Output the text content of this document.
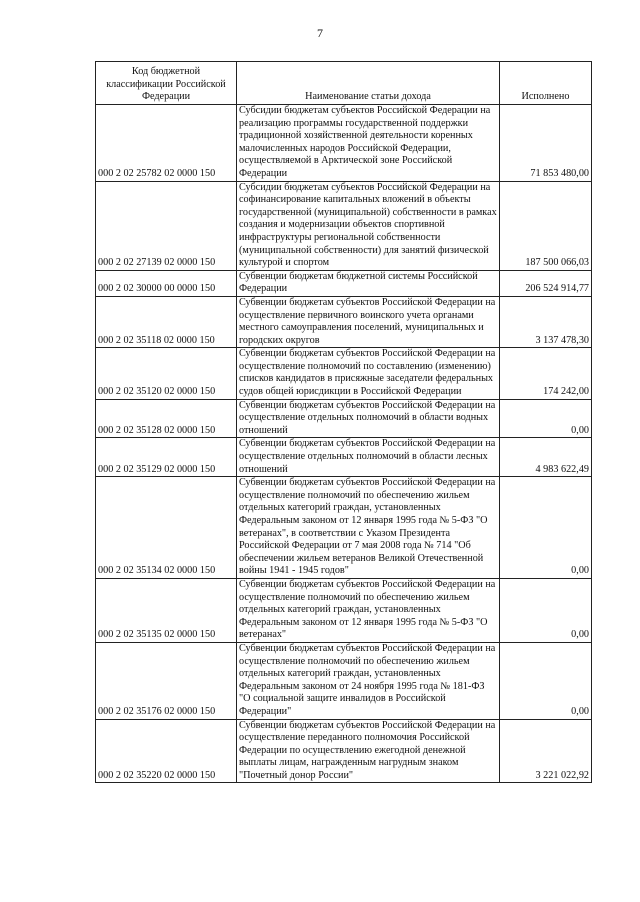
7
Код бюджетной классификации Российской Федерации	Наименование статьи дохода	Исполнено
000 2 02 25782 02 0000 150	Субсидии бюджетам субъектов Российской Федерации на реализацию программы государственной поддержки традиционной хозяйственной деятельности коренных малочисленных народов Российской Федерации, осуществляемой в Арктической зоне Российской Федерации	71 853 480,00
000 2 02 27139 02 0000 150	Субсидии бюджетам субъектов Российской Федерации на софинансирование капитальных вложений в объекты государственной (муниципальной) собственности в рамках создания и модернизации объектов спортивной инфраструктуры региональной собственности (муниципальной собственности) для занятий физической культурой и спортом	187 500 066,03
000 2 02 30000 00 0000 150	Субвенции бюджетам бюджетной системы Российской Федерации	206 524 914,77
000 2 02 35118 02 0000 150	Субвенции бюджетам субъектов Российской Федерации на осуществление первичного воинского учета органами местного самоуправления поселений, муниципальных и городских округов	3 137 478,30
000 2 02 35120 02 0000 150	Субвенции бюджетам субъектов Российской Федерации на осуществление полномочий по составлению (изменению) списков кандидатов в присяжные заседатели федеральных судов общей юрисдикции в Российской Федерации	174 242,00
000 2 02 35128 02 0000 150	Субвенции бюджетам субъектов Российской Федерации на осуществление отдельных полномочий в области водных отношений	0,00
000 2 02 35129 02 0000 150	Субвенции бюджетам субъектов Российской Федерации на осуществление отдельных полномочий в области лесных отношений	4 983 622,49
000 2 02 35134 02 0000 150	Субвенции бюджетам субъектов Российской Федерации на осуществление полномочий по обеспечению жильем отдельных категорий граждан, установленных Федеральным законом от 12 января 1995 года № 5-ФЗ "О ветеранах", в соответствии с Указом Президента Российской Федерации от 7 мая 2008 года № 714 "Об обеспечении жильем ветеранов Великой Отечественной войны 1941 - 1945 годов"	0,00
000 2 02 35135 02 0000 150	Субвенции бюджетам субъектов Российской Федерации на осуществление полномочий по обеспечению жильем отдельных категорий граждан, установленных Федеральным законом от 12 января 1995 года № 5-ФЗ "О ветеранах"	0,00
000 2 02 35176 02 0000 150	Субвенции бюджетам субъектов Российской Федерации на осуществление полномочий по обеспечению жильем отдельных категорий граждан, установленных Федеральным законом от 24 ноября 1995 года № 181-ФЗ "О социальной защите инвалидов в Российской Федерации"	0,00
000 2 02 35220 02 0000 150	Субвенции бюджетам субъектов Российской Федерации на осуществление переданного полномочия Российской Федерации по осуществлению ежегодной денежной выплаты лицам, награжденным нагрудным знаком "Почетный донор России"	3 221 022,92
